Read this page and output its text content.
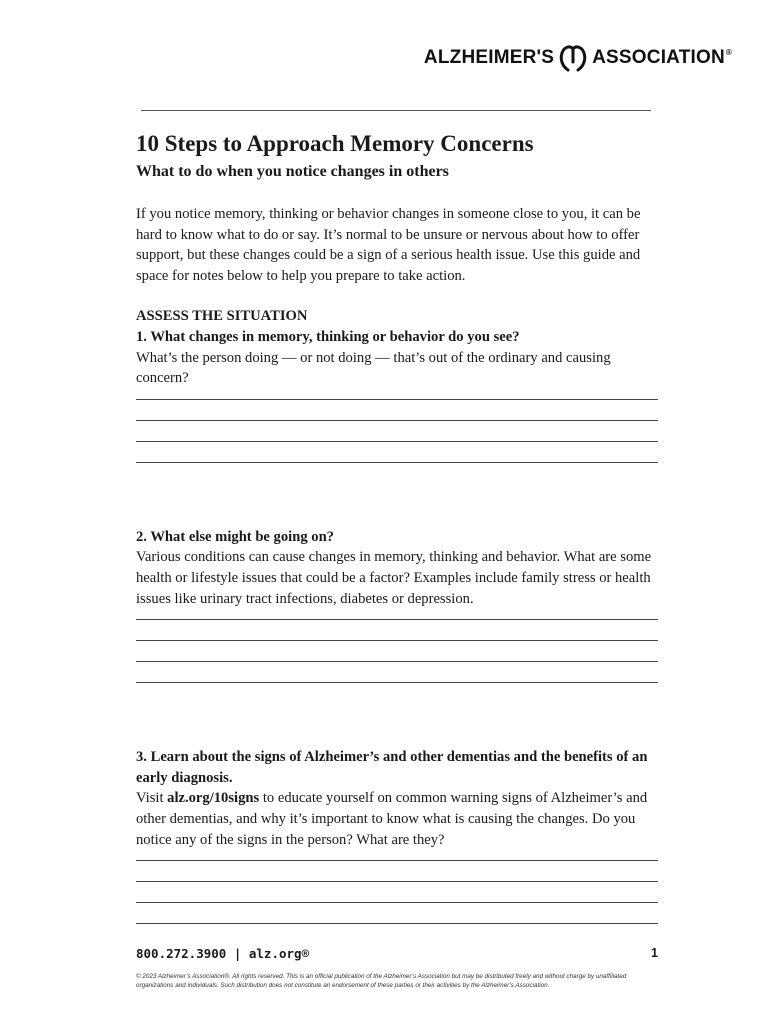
ALZHEIMER'S ASSOCIATION ®
10 Steps to Approach Memory Concerns
What to do when you notice changes in others

If you notice memory, thinking or behavior changes in someone close to you, it can be hard to know what to do or say. It’s normal to be unsure or nervous about how to offer support, but these changes could be a sign of a serious health issue. Use this guide and space for notes below to help you prepare to take action.

ASSESS THE SITUATION
1. What changes in memory, thinking or behavior do you see?

What’s the person doing — or not doing — that’s out of the ordinary and causing concern?

2. What else might be going on?

Various conditions can cause changes in memory, thinking and behavior. What are some health or lifestyle issues that could be a factor? Examples include family stress or health issues like urinary tract infections, diabetes or depression.

3. Learn about the signs of Alzheimer’s and other dementias and the benefits of an early diagnosis.

Visit alz.org/10signs to educate yourself on common warning signs of Alzheimer’s and other dementias, and why it’s important to know what is causing the changes. Do you notice any of the signs in the person? What are they?

800.272.3900 | alz.org®	1
© 2023 Alzheimer’s Association®. All rights reserved. This is an official publication of the Alzheimer’s Association but may be distributed freely and without charge by unaffiliated organizations and individuals. Such distribution does not constitute an endorsement of these parties or their activities by the Alzheimer’s Association.
